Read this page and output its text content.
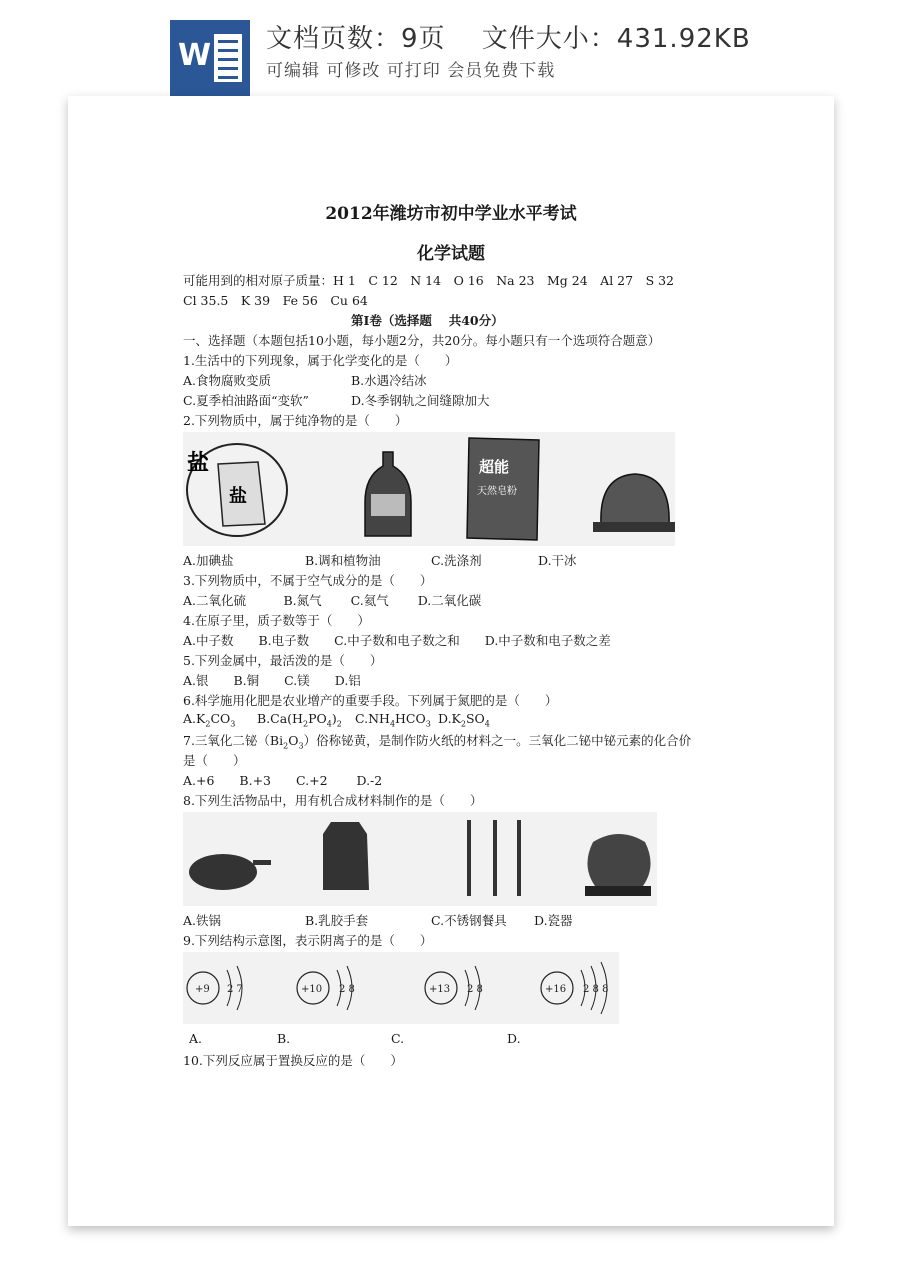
W 文档页数：9页　 文件大小：431.92KB
可编辑 可修改 可打印 会员免费下载
2012年潍坊市初中学业水平考试
化学试题
可能用到的相对原子质量：H 1　C 12　N 14　O 16　Na 23　Mg 24　Al 27　S 32
Cl 35.5　K 39　Fe 56　Cu 64
第Ⅰ卷（选择题　 共40分）
一、选择题（本题包括10小题，每小题2分，共20分。每小题只有一个选项符合题意）
1.生活中的下列现象，属于化学变化的是（　　）
A.食物腐败变质	B.水遇冷结冰
C.夏季柏油路面“变软”	D.冬季钢轨之间缝隙加大
2.下列物质中，属于纯净物的是（　　）
盐
盐
超能
天然皂粉
A.加碘盐	B.调和植物油	C.洗涤剂	D.干冰
3.下列物质中，不属于空气成分的是（　　）
A.二氧化硫　　　B.氮气　　 C.氦气　　 D.二氧化碳
4.在原子里，质子数等于（　　）
A.中子数　　B.电子数　　C.中子数和电子数之和　　D.中子数和电子数之差
5.下列金属中，最活泼的是（　　）
A.银　　B.铜　　C.镁　　D.铝
6.科学施用化肥是农业增产的重要手段。下列属于氮肥的是（　　）
$A.K_2CO_3$ $B.Ca(H_2PO_4)_2$ $C.NH_4HCO_3$ $D.K_2SO_4$
7.三氧化二铋$(Bi_2O_3)$俗称铋黄，是制作防火纸的材料之一。三氧化二铋中铋元素的化合价
是（　　）
A.+6　　B.+3　　C.+2　　 D.-2
8.下列生活物品中，用有机合成材料制作的是（　　）
A.铁锅	B.乳胶手套	C.不锈钢餐具 D.瓷器
9.下列结构示意图，表示阴离子的是（　　）
+9 2 7	+10 2 8	+13 2 8	+16 2 8 8
A.	B.	C.	D.
10.下列反应属于置换反应的是（　　）
